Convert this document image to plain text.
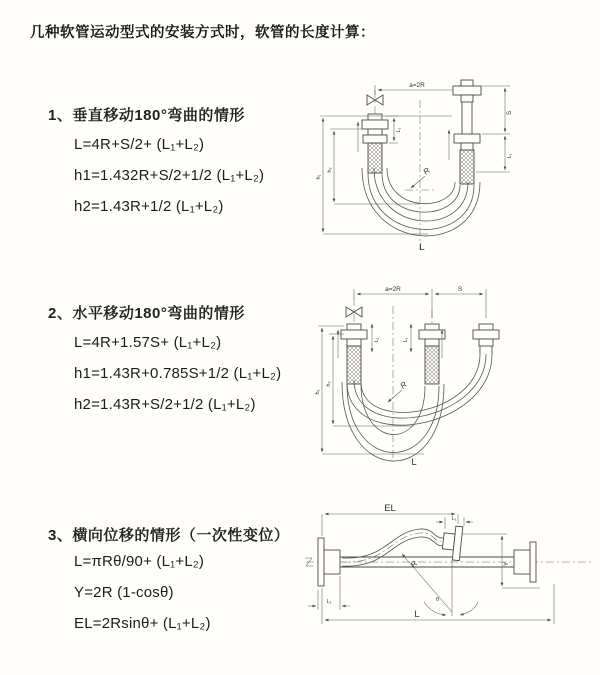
几种软管运动型式的安装方式时，软管的长度计算：
1、垂直移动180°弯曲的情形
L=4R+S/2+ (L₁+L₂)
h1=1.432R+S/2+1/2 (L₁+L₂)
h2=1.43R+1/2 (L₁+L₂)
2、水平移动180°弯曲的情形
L=4R+1.57S+ (L₁+L₂)
h1=1.43R+0.785S+1/2 (L₁+L₂)
h2=1.43R+S/2+1/2 (L₁+L₂)
3、横向位移的情形（一次性变位）
L=πRθ/90+ (L₁+L₂)
Y=2R (1-cosθ)
EL=2Rsinθ+ (L₁+L₂)
a=2R
S
L₁
L₁
h₁
h₂	R
L
a=2R	S
L₁	L₁
h₁
h₂	R
L
EL
L₁
R
θ
Y
L₁
L
